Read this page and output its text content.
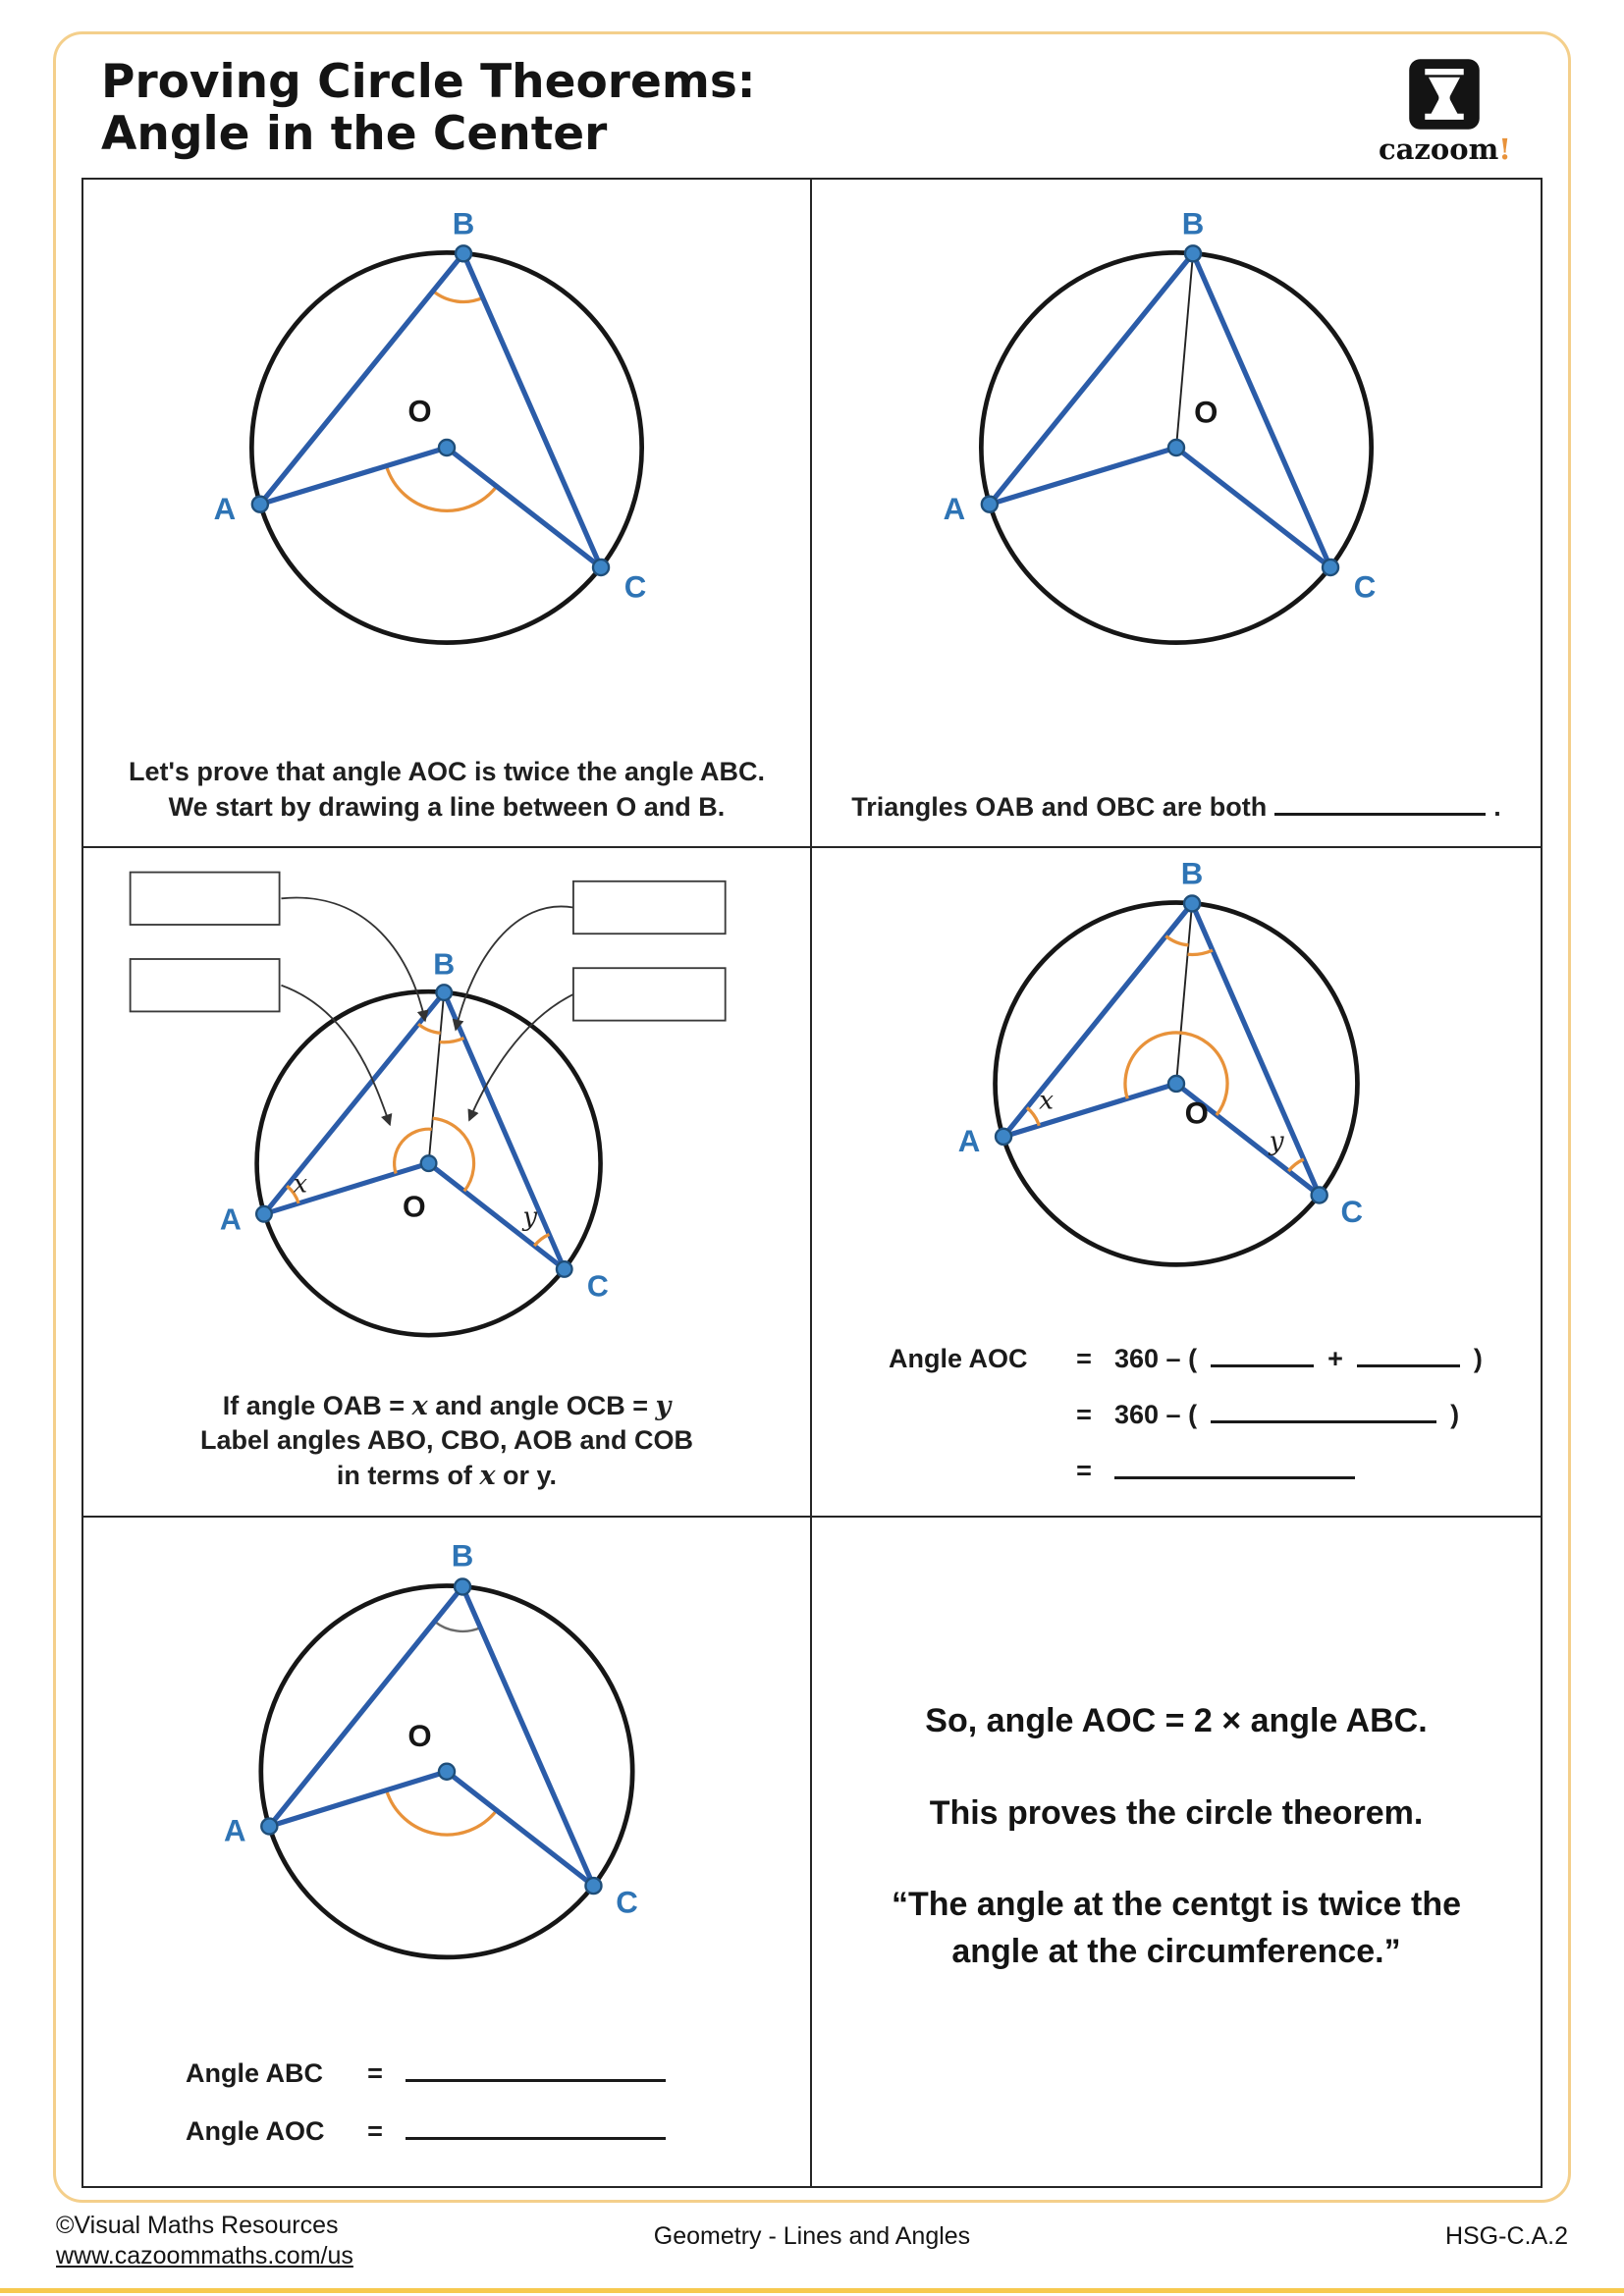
Proving Circle Theorems:
Angle in the Center	cazoom!
B
A
C
O
Let's prove that angle AOC is twice the angle ABC.
We start by drawing a line between O and B.
B
A
C
O
Triangles OAB and OBC are both	.
B
A
C
O
x
y
If angle OAB = x and angle OCB = y
Label angles ABO, CBO, AOB and COB
in terms of x or y.
B
A
C
O
x
y
Angle AOC	= 360 – (	+	)
= 360 – (	)
=
B
A
C
O
Angle ABC	=
Angle AOC	=

So, angle AOC = 2 × angle ABC.

This proves the circle theorem.

“The angle at the centgt is twice the
angle at the circumference.”

©Visual Maths Resources
www.cazoommaths.com/us
Geometry - Lines and Angles	HSG-C.A.2
